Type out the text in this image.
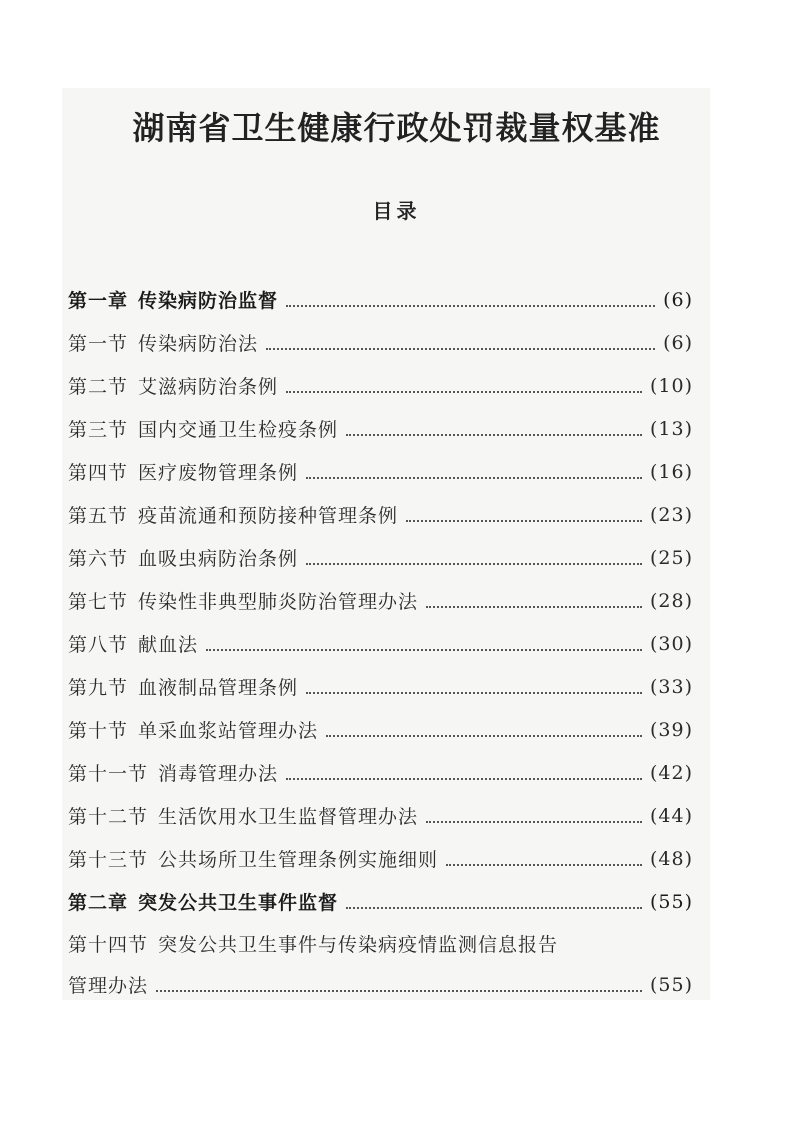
湖南省卫生健康行政处罚裁量权基准
目录
第一章 传染病防治监督	(6)
第一节 传染病防治法	(6)
第二节 艾滋病防治条例	(10)
第三节 国内交通卫生检疫条例	(13)
第四节 医疗废物管理条例	(16)
第五节 疫苗流通和预防接种管理条例	(23)
第六节 血吸虫病防治条例	(25)
第七节 传染性非典型肺炎防治管理办法	(28)
第八节 献血法	(30)
第九节 血液制品管理条例	(33)
第十节 单采血浆站管理办法	(39)
第十一节 消毒管理办法	(42)
第十二节 生活饮用水卫生监督管理办法	(44)
第十三节 公共场所卫生管理条例实施细则	(48)
第二章 突发公共卫生事件监督	(55)
第十四节 突发公共卫生事件与传染病疫情监测信息报告
管理办法	(55)
